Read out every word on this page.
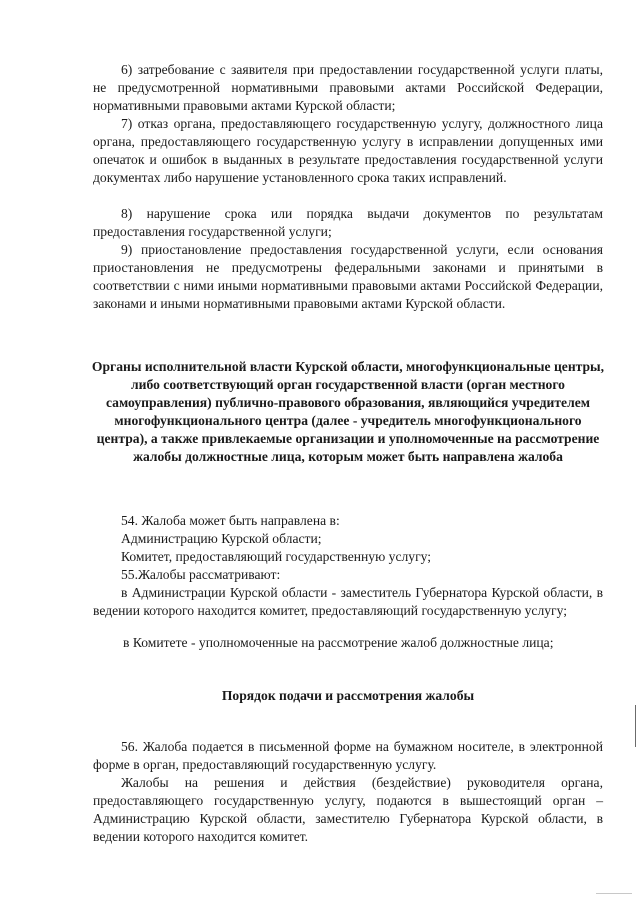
6) затребование с заявителя при предоставлении государственной услуги платы, не предусмотренной нормативными правовыми актами Российской Федерации, нормативными правовыми актами Курской области;

7) отказ органа, предоставляющего государственную услугу, должностного лица органа, предоставляющего государственную услугу в исправлении допущенных ими опечаток и ошибок в выданных в результате предоставления государственной услуги документах либо нарушение установленного срока таких исправлений.

8) нарушение срока или порядка выдачи документов по результатам предоставления государственной услуги;

9) приостановление предоставления государственной услуги, если основания приостановления не предусмотрены федеральными законами и принятыми в соответствии с ними иными нормативными правовыми актами Российской Федерации, законами и иными нормативными правовыми актами Курской области.

Органы исполнительной власти Курской области, многофункциональные центры, либо соответствующий орган государственной власти (орган местного самоуправления) публично-правового образования, являющийся учредителем многофункционального центра (далее - учредитель многофункционального центра), а также привлекаемые организации и уполномоченные на рассмотрение жалобы должностные лица, которым может быть направлена жалоба

54. Жалоба может быть направлена в:

Администрацию Курской области;

Комитет, предоставляющий государственную услугу;

55.Жалобы рассматривают:

в Администрации Курской области - заместитель Губернатора Курской области, в ведении которого находится комитет, предоставляющий государственную услугу;

в Комитете - уполномоченные на рассмотрение жалоб должностные лица;

Порядок подачи и рассмотрения жалобы

56. Жалоба подается в письменной форме на бумажном носителе, в электронной форме в орган, предоставляющий государственную услугу.

Жалобы на решения и действия (бездействие) руководителя органа, предоставляющего государственную услугу, подаются в вышестоящий орган – Администрацию Курской области, заместителю Губернатора Курской области, в ведении которого находится комитет.
